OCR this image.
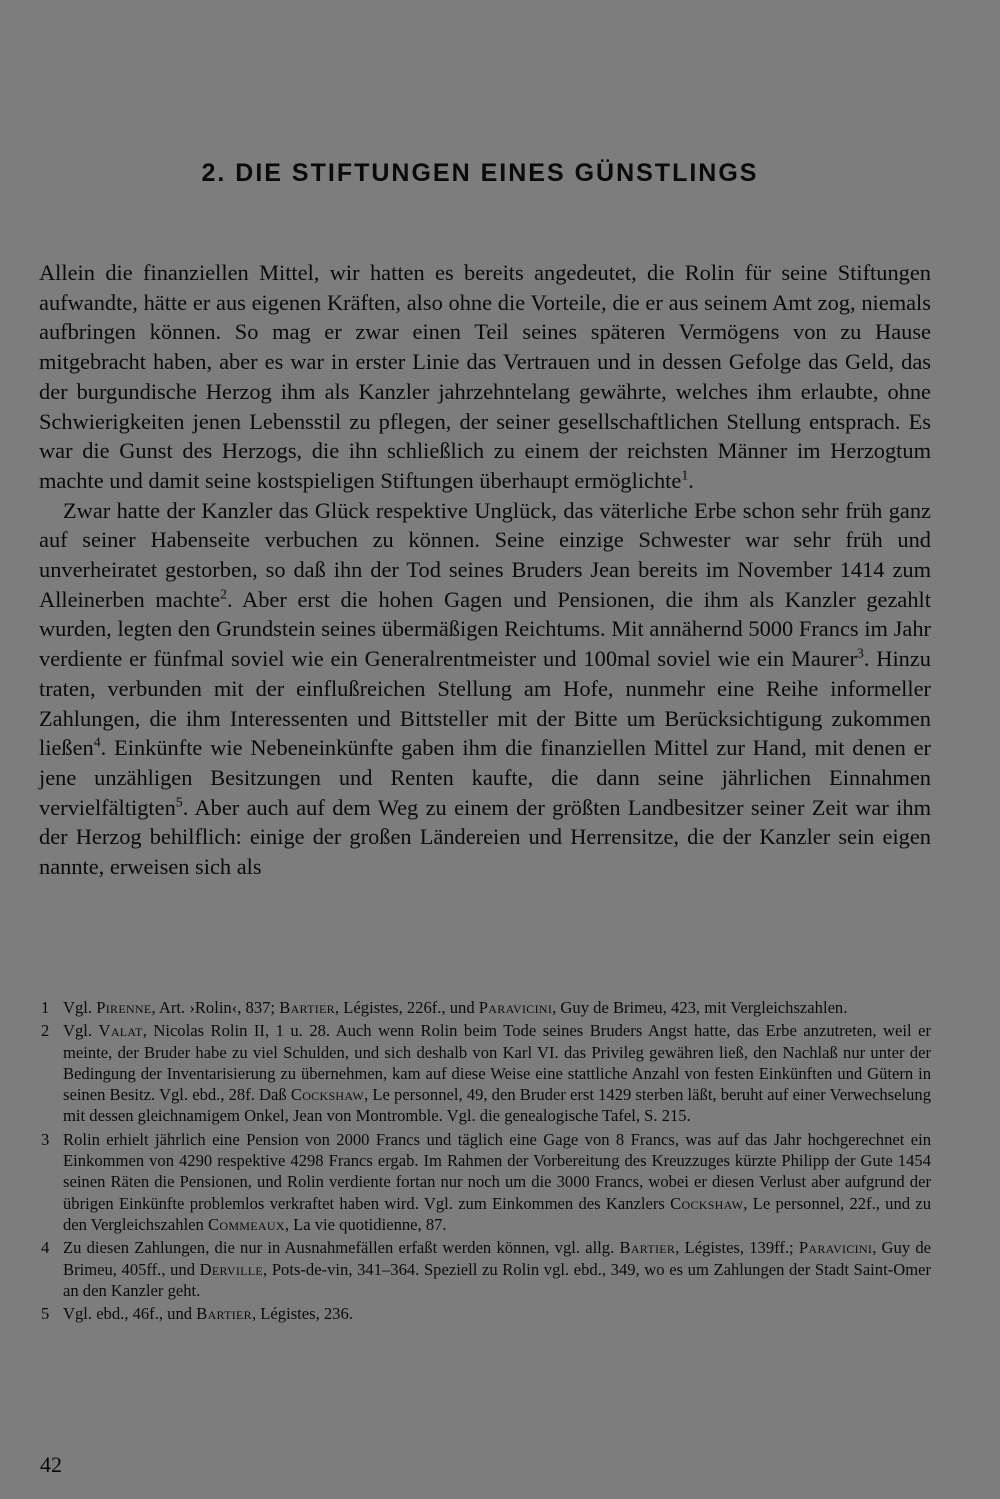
2. DIE STIFTUNGEN EINES GÜNSTLINGS

Allein die finanziellen Mittel, wir hatten es bereits angedeutet, die Rolin für seine Stiftungen aufwandte, hätte er aus eigenen Kräften, also ohne die Vorteile, die er aus seinem Amt zog, niemals aufbringen können. So mag er zwar einen Teil seines späteren Vermögens von zu Hause mitgebracht haben, aber es war in erster Linie das Vertrauen und in dessen Gefolge das Geld, das der burgundische Herzog ihm als Kanzler jahrzehntelang gewährte, welches ihm erlaubte, ohne Schwierigkeiten jenen Lebensstil zu pflegen, der seiner gesellschaftlichen Stellung entsprach. Es war die Gunst des Herzogs, die ihn schließlich zu einem der reichsten Männer im Herzogtum machte und damit seine kostspieligen Stiftungen überhaupt ermöglichte$^1$.

Zwar hatte der Kanzler das Glück respektive Unglück, das väterliche Erbe schon sehr früh ganz auf seiner Habenseite verbuchen zu können. Seine einzige Schwester war sehr früh und unverheiratet gestorben, so daß ihn der Tod seines Bruders Jean bereits im November 1414 zum Alleinerben machte$^2$. Aber erst die hohen Gagen und Pensionen, die ihm als Kanzler gezahlt wurden, legten den Grundstein seines übermäßigen Reichtums. Mit annähernd 5000 Francs im Jahr verdiente er fünfmal soviel wie ein Generalrentmeister und 100mal soviel wie ein Maurer$^3$. Hinzu traten, verbunden mit der einflußreichen Stellung am Hofe, nunmehr eine Reihe informeller Zahlungen, die ihm Interessenten und Bittsteller mit der Bitte um Berücksichtigung zukommen ließen$^4$. Einkünfte wie Nebeneinkünfte gaben ihm die finanziellen Mittel zur Hand, mit denen er jene unzähligen Besitzungen und Renten kaufte, die dann seine jährlichen Einnahmen vervielfältigten$^5$. Aber auch auf dem Weg zu einem der größten Landbesitzer seiner Zeit war ihm der Herzog behilflich: einige der großen Ländereien und Herrensitze, die der Kanzler sein eigen nannte, erweisen sich als

1 Vgl. Pirenne, Art. ›Rolin‹, 837; Bartier, Légistes, 226f., und Paravicini, Guy de Brimeu, 423, mit Vergleichszahlen.
2 Vgl. Valat, Nicolas Rolin II, 1 u. 28. Auch wenn Rolin beim Tode seines Bruders Angst hatte, das Erbe anzutreten, weil er meinte, der Bruder habe zu viel Schulden, und sich deshalb von Karl VI. das Privileg gewähren ließ, den Nachlaß nur unter der Bedingung der Inventarisierung zu übernehmen, kam auf diese Weise eine stattliche Anzahl von festen Einkünften und Gütern in seinen Besitz. Vgl. ebd., 28f. Daß Cockshaw, Le personnel, 49, den Bruder erst 1429 sterben läßt, beruht auf einer Verwechselung mit dessen gleichnamigem Onkel, Jean von Montromble. Vgl. die genealogische Tafel, S. 215.
3 Rolin erhielt jährlich eine Pension von 2000 Francs und täglich eine Gage von 8 Francs, was auf das Jahr hochgerechnet ein Einkommen von 4290 respektive 4298 Francs ergab. Im Rahmen der Vorbereitung des Kreuzzuges kürzte Philipp der Gute 1454 seinen Räten die Pensionen, und Rolin verdiente fortan nur noch um die 3000 Francs, wobei er diesen Verlust aber aufgrund der übrigen Einkünfte problemlos verkraftet haben wird. Vgl. zum Einkommen des Kanzlers Cockshaw, Le personnel, 22f., und zu den Vergleichszahlen Commeaux, La vie quotidienne, 87.
4 Zu diesen Zahlungen, die nur in Ausnahmefällen erfaßt werden können, vgl. allg. Bartier, Légistes, 139ff.; Paravicini, Guy de Brimeu, 405ff., und Derville, Pots-de-vin, 341–364. Speziell zu Rolin vgl. ebd., 349, wo es um Zahlungen der Stadt Saint-Omer an den Kanzler geht.
5 Vgl. ebd., 46f., und Bartier, Légistes, 236.
42
